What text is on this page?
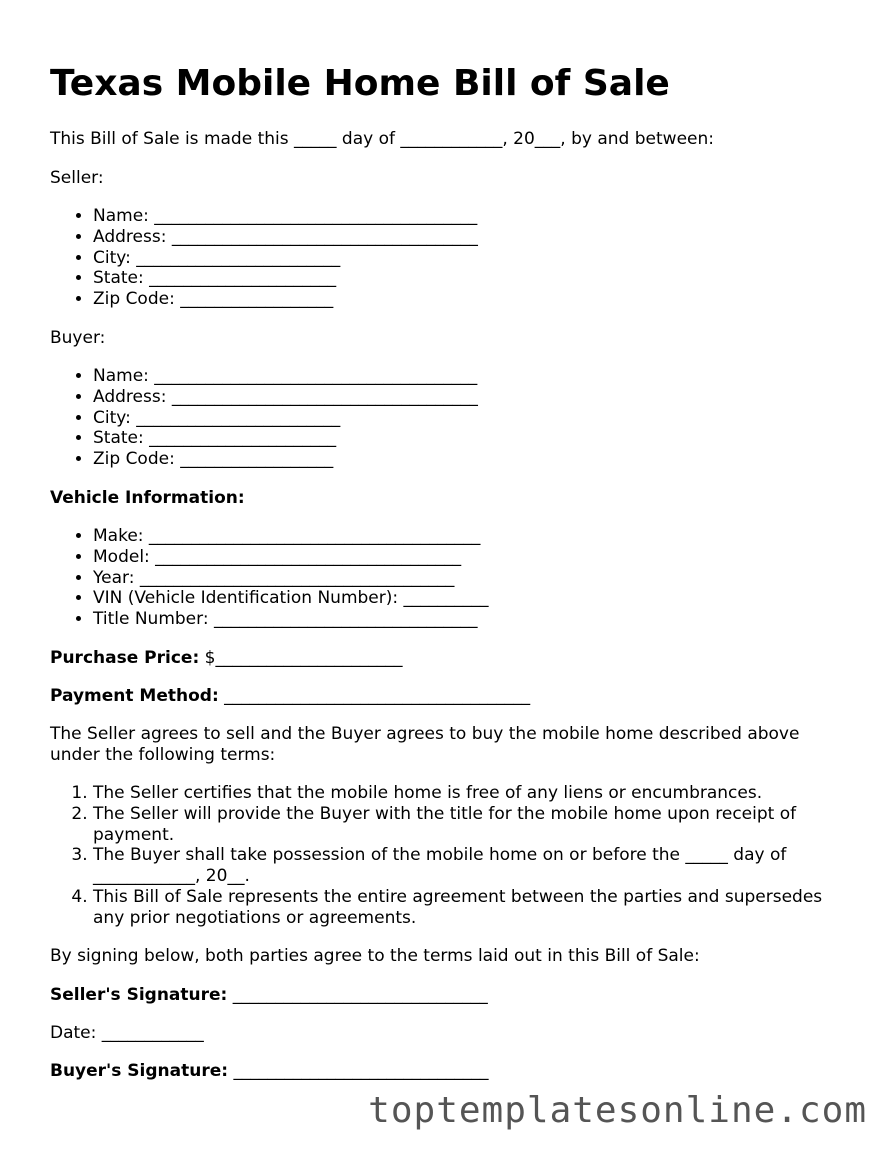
Texas Mobile Home Bill of Sale

This Bill of Sale is made this _____ day of ____________, 20___, by and between:

Seller:

• Name: ______________________________________
• Address: ____________________________________
• City: ________________________
• State: ______________________
• Zip Code: __________________

Buyer:

• Name: ______________________________________
• Address: ____________________________________
• City: ________________________
• State: ______________________
• Zip Code: __________________

Vehicle Information:

• Make: _______________________________________
• Model: ____________________________________
• Year: _____________________________________
• VIN (Vehicle Identification Number): __________
• Title Number: _______________________________

Purchase Price: $______________________

Payment Method: ____________________________________

The Seller agrees to sell and the Buyer agrees to buy the mobile home described above under the following terms:

1. The Seller certifies that the mobile home is free of any liens or encumbrances.
2. The Seller will provide the Buyer with the title for the mobile home upon receipt of payment.
3. The Buyer shall take possession of the mobile home on or before the _____ day of ____________, 20__.
4. This Bill of Sale represents the entire agreement between the parties and supersedes any prior negotiations or agreements.

By signing below, both parties agree to the terms laid out in this Bill of Sale:

Seller's Signature: ______________________________

Date: ____________

Buyer's Signature: ______________________________

toptemplatesonline.com
